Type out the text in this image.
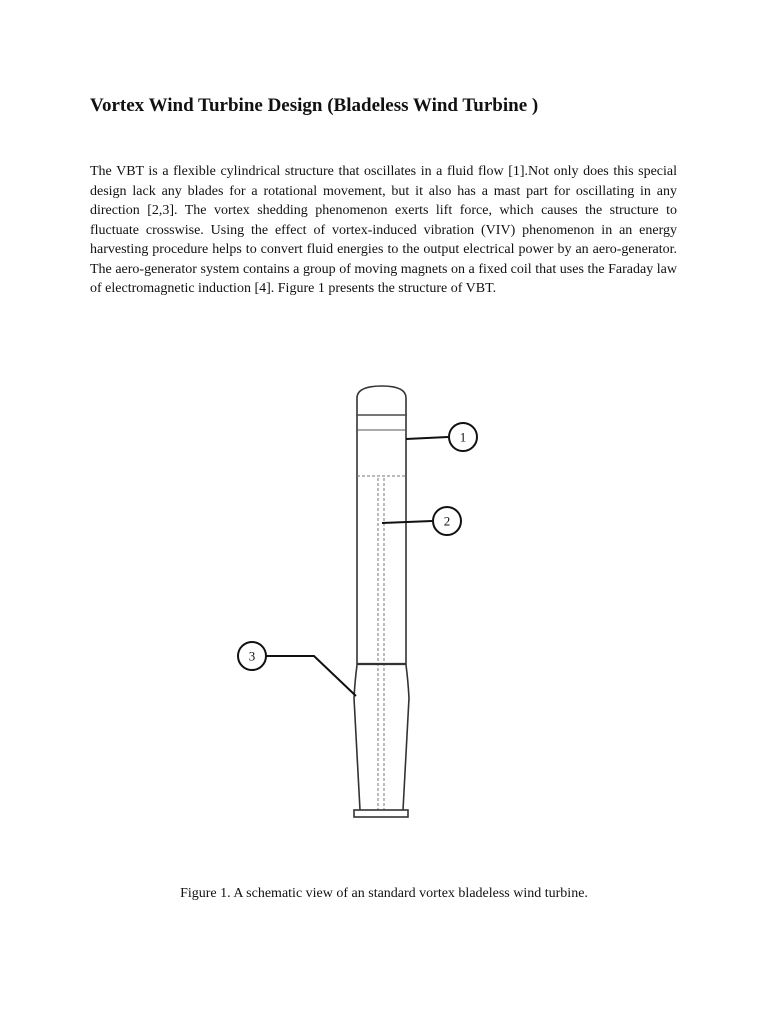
Vortex Wind Turbine Design (Bladeless Wind Turbine )

The VBT is a flexible cylindrical structure that oscillates in a fluid flow [1].Not only does this special design lack any blades for a rotational movement, but it also has a mast part for oscillating in any direction [2,3]. The vortex shedding phenomenon exerts lift force, which causes the structure to fluctuate crosswise. Using the effect of vortex-induced vibration (VIV) phenomenon in an energy harvesting procedure helps to convert fluid energies to the output electrical power by an aero-generator. The aero-generator system contains a group of moving magnets on a fixed coil that uses the Faraday law of electromagnetic induction [4]. Figure 1 presents the structure of VBT.

1
2
3

Figure 1. A schematic view of an standard vortex bladeless wind turbine.
